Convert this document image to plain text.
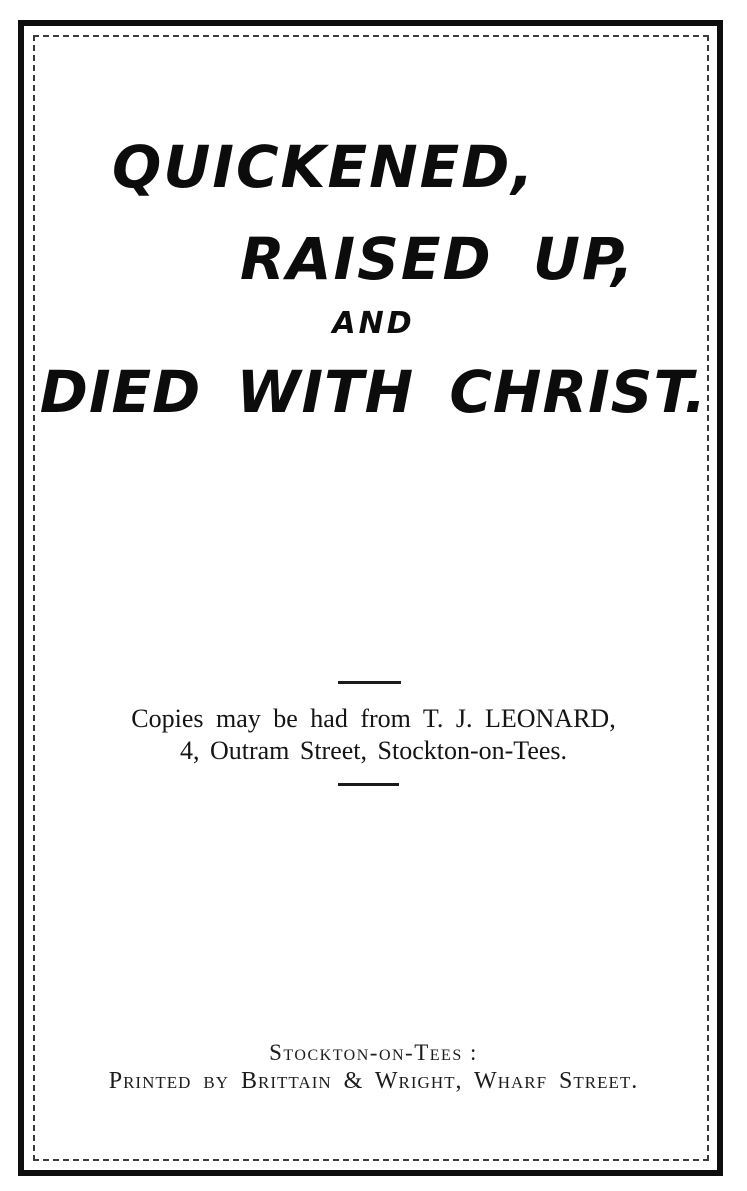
QUICKENED,
RAISED UP,
AND
DIED WITH CHRIST.
Copies may be had from T. J. LEONARD,
4, Outram Street, Stockton-on-Tees.
Stockton-on-Tees :
Printed by Brittain & Wright, Wharf Street.
